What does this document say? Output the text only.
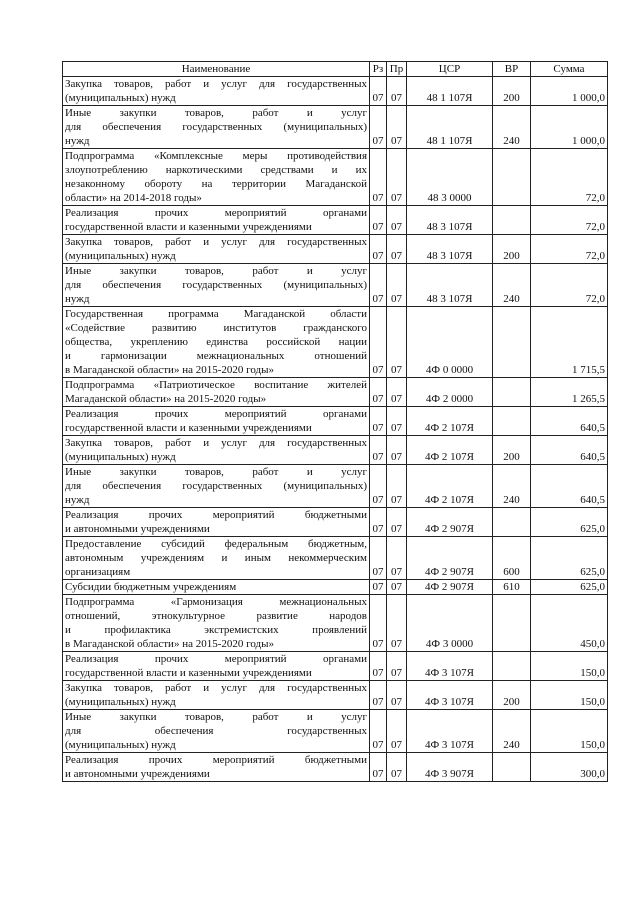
Наименование	Рз	Пр	ЦСР	ВР	Сумма

Закупка товаров, работ и услуг для государственных
(муниципальных) нужд	07	07	48 1 107Я	200	1 000,0

Иные закупки товаров, работ и услуг
для обеспечения государственных (муниципальных)
нужд	07	07	48 1 107Я	240	1 000,0

Подпрограмма «Комплексные меры противодействия
злоупотреблению наркотическими средствами и их
незаконному обороту на территории Магаданской
области» на 2014-2018 годы»	07	07	48 3 0000		72,0

Реализация прочих мероприятий органами
государственной власти и казенными учреждениями	07	07	48 3 107Я		72,0

Закупка товаров, работ и услуг для государственных
(муниципальных) нужд	07	07	48 3 107Я	200	72,0

Иные закупки товаров, работ и услуг
для обеспечения государственных (муниципальных)
нужд	07	07	48 3 107Я	240	72,0

Государственная программа Магаданской области
«Содействие развитию институтов гражданского
общества, укреплению единства российской нации
и гармонизации межнациональных отношений
в Магаданской области» на 2015-2020 годы»	07	07	4Ф 0 0000		1 715,5

Подпрограмма «Патриотическое воспитание жителей
Магаданской области» на 2015-2020 годы»	07	07	4Ф 2 0000		1 265,5

Реализация прочих мероприятий органами
государственной власти и казенными учреждениями	07	07	4Ф 2 107Я		640,5

Закупка товаров, работ и услуг для государственных
(муниципальных) нужд	07	07	4Ф 2 107Я	200	640,5

Иные закупки товаров, работ и услуг
для обеспечения государственных (муниципальных)
нужд	07	07	4Ф 2 107Я	240	640,5

Реализация прочих мероприятий бюджетными
и автономными учреждениями	07	07	4Ф 2 907Я		625,0

Предоставление субсидий федеральным бюджетным,
автономным учреждениям и иным некоммерческим
организациям	07	07	4Ф 2 907Я	600	625,0

Субсидии бюджетным учреждениям	07	07	4Ф 2 907Я	610	625,0

Подпрограмма «Гармонизация межнациональных
отношений, этнокультурное развитие народов
и профилактика экстремистских проявлений
в Магаданской области» на 2015-2020 годы»	07	07	4Ф 3 0000		450,0

Реализация прочих мероприятий органами
государственной власти и казенными учреждениями	07	07	4Ф 3 107Я		150,0

Закупка товаров, работ и услуг для государственных
(муниципальных) нужд	07	07	4Ф 3 107Я	200	150,0

Иные закупки товаров, работ и услуг
для обеспечения государственных
(муниципальных) нужд	07	07	4Ф 3 107Я	240	150,0

Реализация прочих мероприятий бюджетными
и автономными учреждениями	07	07	4Ф 3 907Я		300,0
